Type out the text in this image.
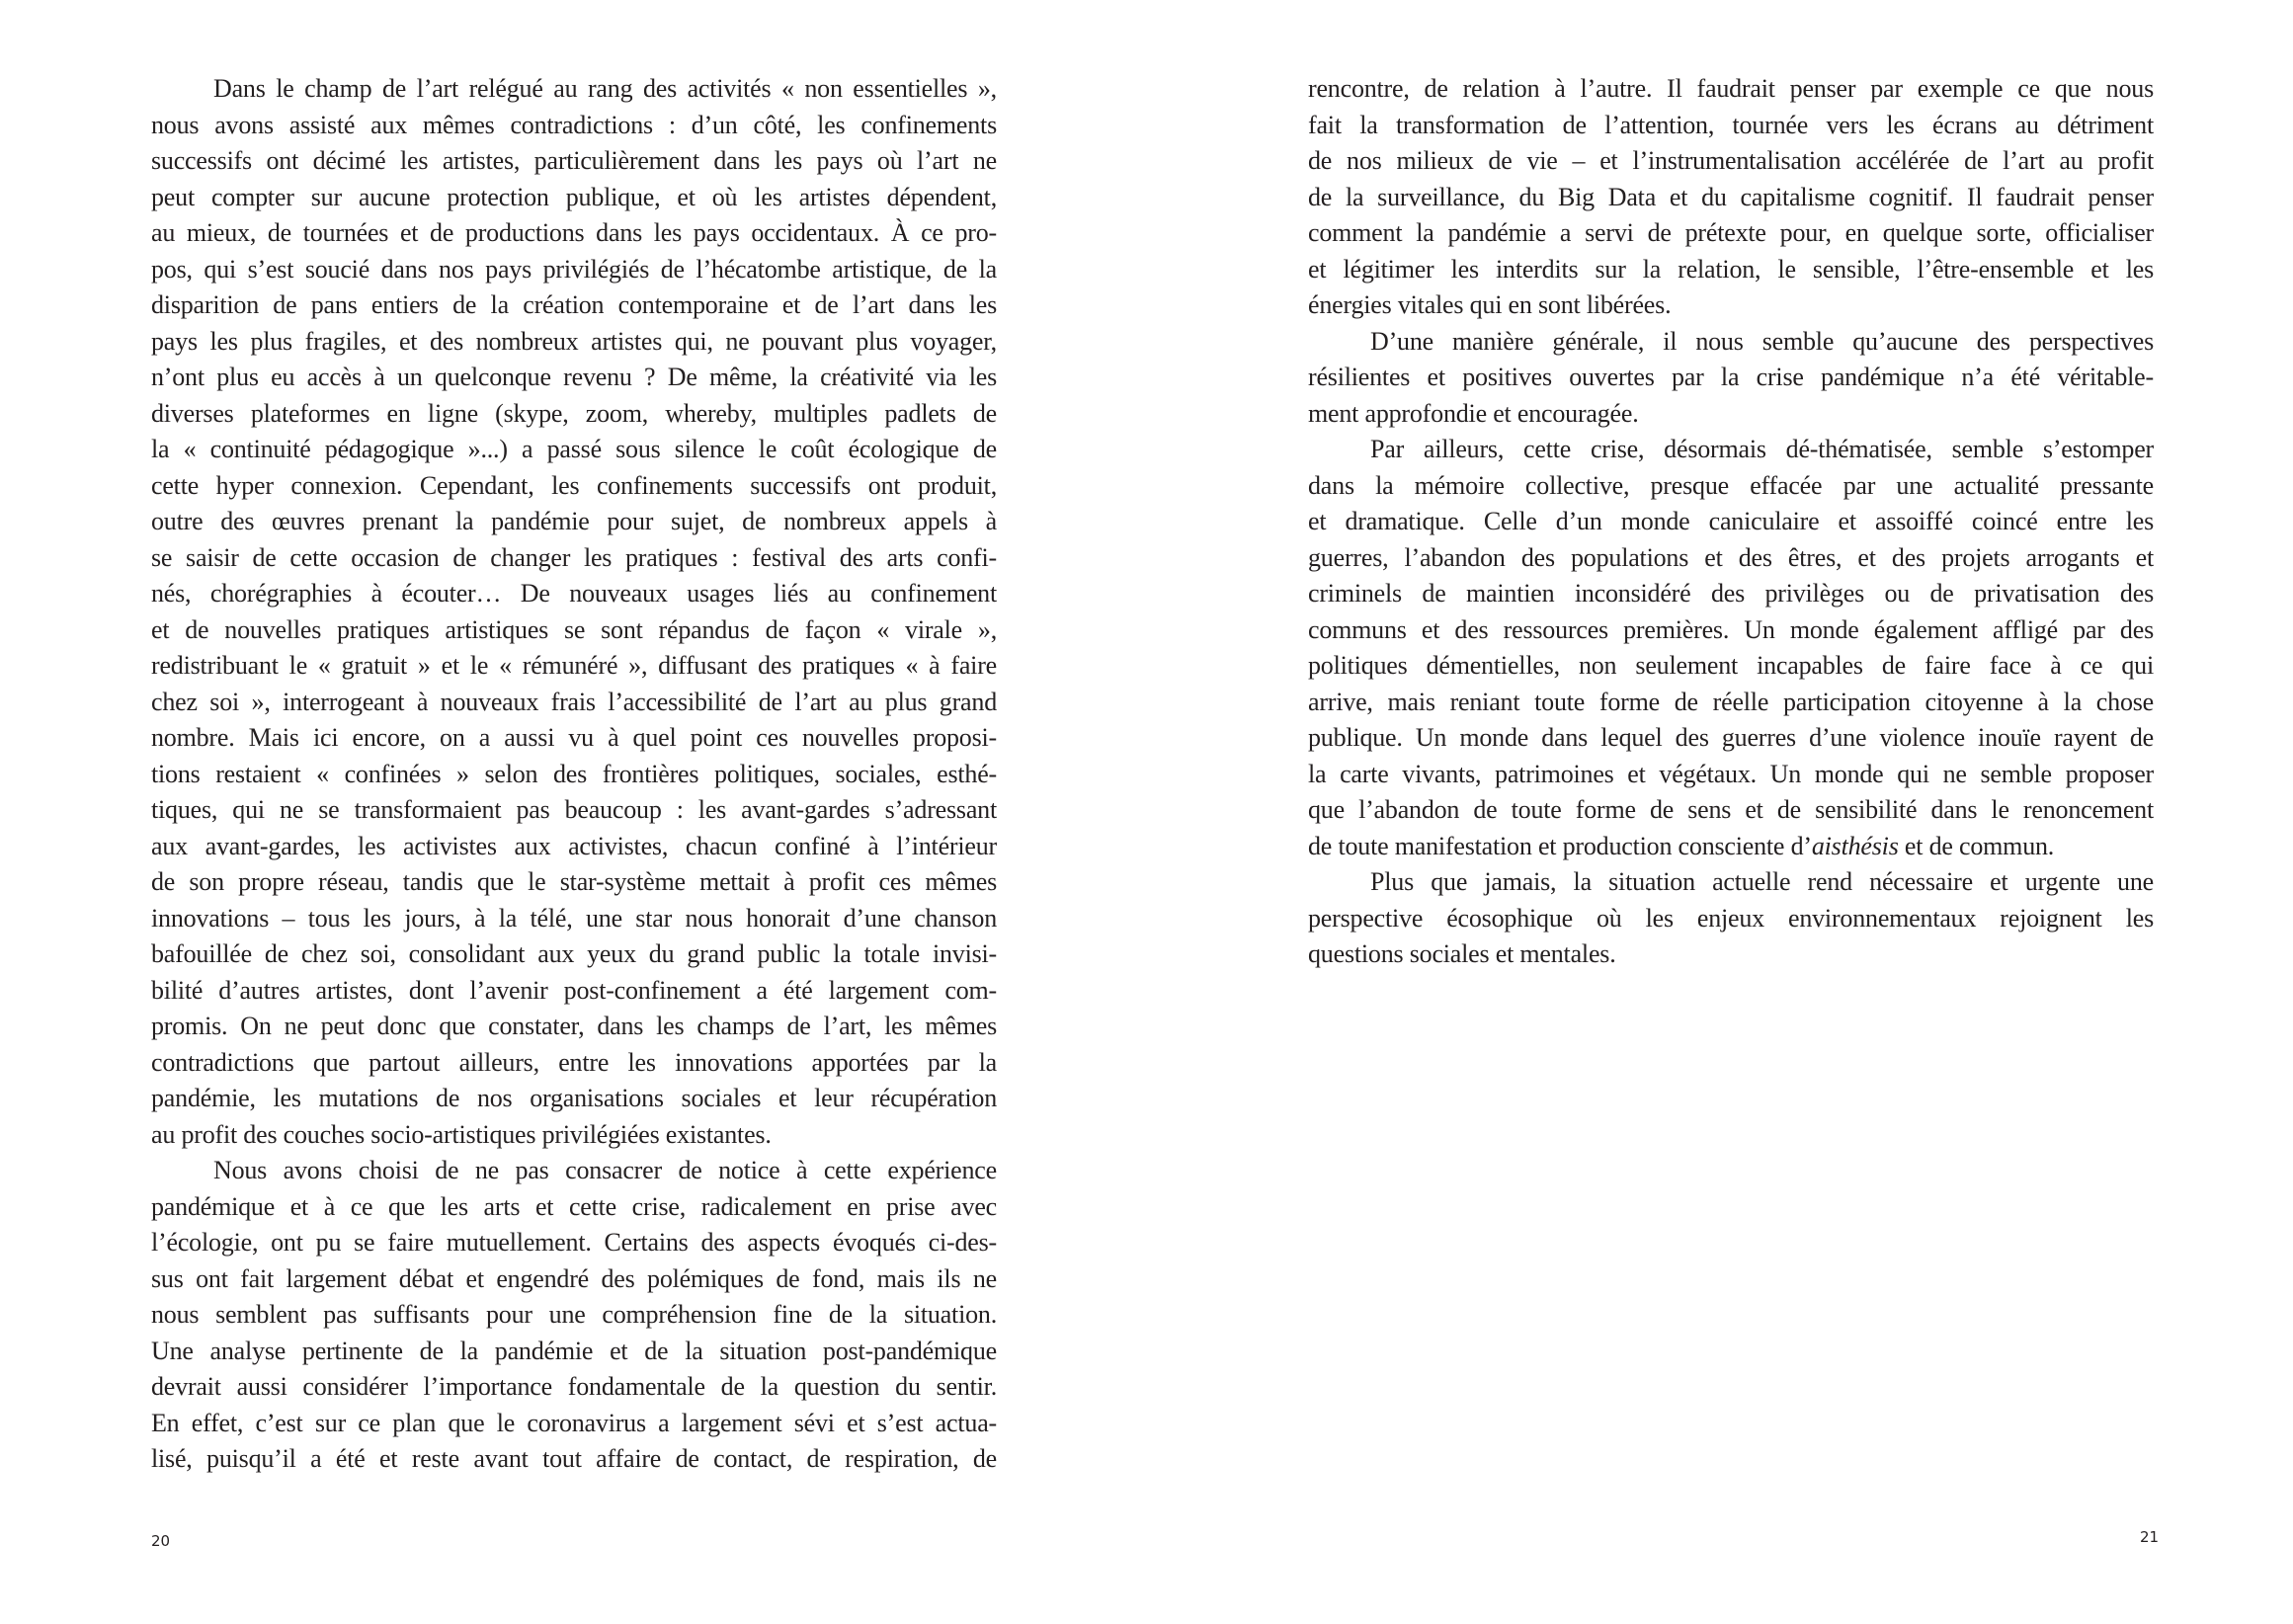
Dans le champ de l’art relégué au rang des activités « non essentielles »,
nous avons assisté aux mêmes contradictions : d’un côté, les confinements
successifs ont décimé les artistes, particulièrement dans les pays où l’art ne
peut compter sur aucune protection publique, et où les artistes dépendent,
au mieux, de tournées et de productions dans les pays occidentaux. À ce pro-
pos, qui s’est soucié dans nos pays privilégiés de l’hécatombe artistique, de la
disparition de pans entiers de la création contemporaine et de l’art dans les
pays les plus fragiles, et des nombreux artistes qui, ne pouvant plus voyager,
n’ont plus eu accès à un quelconque revenu ? De même, la créativité via les
diverses plateformes en ligne (skype, zoom, whereby, multiples padlets de
la « continuité pédagogique »...) a passé sous silence le coût écologique de
cette hyper connexion. Cependant, les confinements successifs ont produit,
outre des œuvres prenant la pandémie pour sujet, de nombreux appels à
se saisir de cette occasion de changer les pratiques : festival des arts confi-
nés, chorégraphies à écouter… De nouveaux usages liés au confinement
et de nouvelles pratiques artistiques se sont répandus de façon « virale »,
redistribuant le « gratuit » et le « rémunéré », diffusant des pratiques « à faire
chez soi », interrogeant à nouveaux frais l’accessibilité de l’art au plus grand
nombre. Mais ici encore, on a aussi vu à quel point ces nouvelles proposi-
tions restaient « confinées » selon des frontières politiques, sociales, esthé-
tiques, qui ne se transformaient pas beaucoup : les avant-gardes s’adressant
aux avant-gardes, les activistes aux activistes, chacun confiné à l’intérieur
de son propre réseau, tandis que le star-système mettait à profit ces mêmes
innovations – tous les jours, à la télé, une star nous honorait d’une chanson
bafouillée de chez soi, consolidant aux yeux du grand public la totale invisi-
bilité d’autres artistes, dont l’avenir post-confinement a été largement com-
promis. On ne peut donc que constater, dans les champs de l’art, les mêmes
contradictions que partout ailleurs, entre les innovations apportées par la
pandémie, les mutations de nos organisations sociales et leur récupération
au profit des couches socio-artistiques privilégiées existantes.
Nous avons choisi de ne pas consacrer de notice à cette expérience
pandémique et à ce que les arts et cette crise, radicalement en prise avec
l’écologie, ont pu se faire mutuellement. Certains des aspects évoqués ci-des-
sus ont fait largement débat et engendré des polémiques de fond, mais ils ne
nous semblent pas suffisants pour une compréhension fine de la situation.
Une analyse pertinente de la pandémie et de la situation post-pandémique
devrait aussi considérer l’importance fondamentale de la question du sentir.
En effet, c’est sur ce plan que le coronavirus a largement sévi et s’est actua-
lisé, puisqu’il a été et reste avant tout affaire de contact, de respiration, de
rencontre, de relation à l’autre. Il faudrait penser par exemple ce que nous
fait la transformation de l’attention, tournée vers les écrans au détriment
de nos milieux de vie – et l’instrumentalisation accélérée de l’art au profit
de la surveillance, du Big Data et du capitalisme cognitif. Il faudrait penser
comment la pandémie a servi de prétexte pour, en quelque sorte, officialiser
et légitimer les interdits sur la relation, le sensible, l’être-ensemble et les
énergies vitales qui en sont libérées.
D’une manière générale, il nous semble qu’aucune des perspectives
résilientes et positives ouvertes par la crise pandémique n’a été véritable-
ment approfondie et encouragée.
Par ailleurs, cette crise, désormais dé-thématisée, semble s’estomper
dans la mémoire collective, presque effacée par une actualité pressante
et dramatique. Celle d’un monde caniculaire et assoiffé coincé entre les
guerres, l’abandon des populations et des êtres, et des projets arrogants et
criminels de maintien inconsidéré des privilèges ou de privatisation des
communs et des ressources premières. Un monde également affligé par des
politiques démentielles, non seulement incapables de faire face à ce qui
arrive, mais reniant toute forme de réelle participation citoyenne à la chose
publique. Un monde dans lequel des guerres d’une violence inouïe rayent de
la carte vivants, patrimoines et végétaux. Un monde qui ne semble proposer
que l’abandon de toute forme de sens et de sensibilité dans le renoncement
de toute manifestation et production consciente d’aisthésis et de commun.
Plus que jamais, la situation actuelle rend nécessaire et urgente une
perspective écosophique où les enjeux environnementaux rejoignent les
questions sociales et mentales.
20	21
